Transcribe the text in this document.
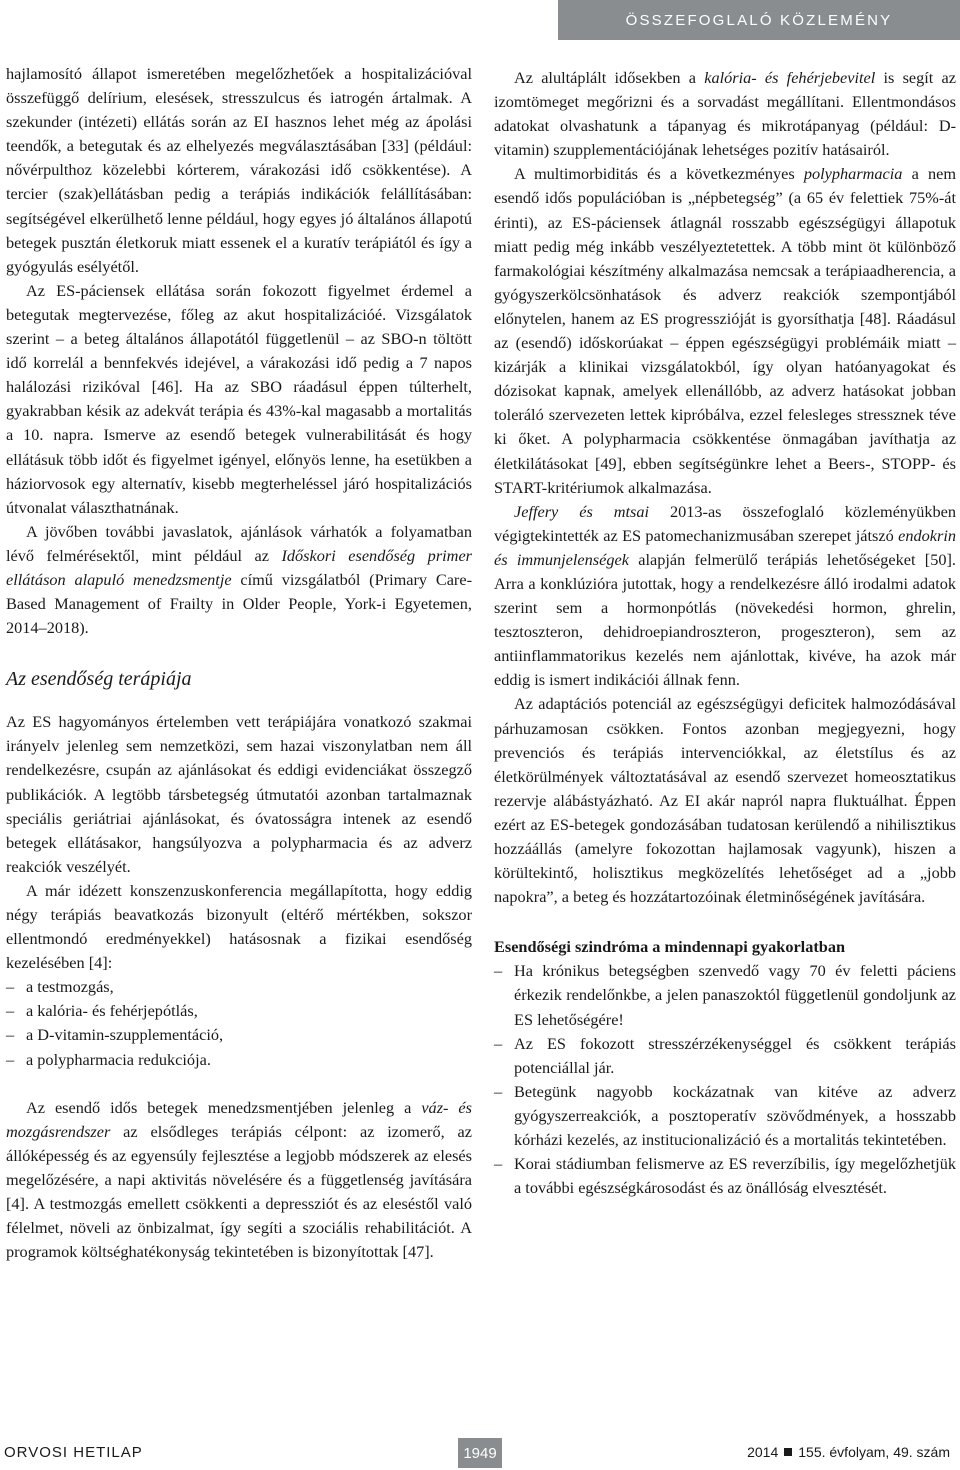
ÖSSZEFOGLALÓ KÖZLEMÉNY

hajlamosító állapot ismeretében megelőzhetőek a hospitalizációval összefüggő delírium, elesések, stresszulcus és iatrogén ártalmak. A szekunder (intézeti) ellátás során az EI hasznos lehet még az ápolási teendők, a betegutak és az elhelyezés megválasztásában [33] (például: nővérpulthoz közelebbi kórterem, várakozási idő csökkentése). A tercier (szak)ellátásban pedig a terápiás indikációk felállításában: segítségével elkerülhető lenne például, hogy egyes jó általános állapotú betegek pusztán életkoruk miatt essenek el a kuratív terápiától és így a gyógyulás esélyétől.

Az ES-páciensek ellátása során fokozott figyelmet érdemel a betegutak megtervezése, főleg az akut hospitalizációé. Vizsgálatok szerint – a beteg általános állapotától függetlenül – az SBO-n töltött idő korrelál a bennfekvés idejével, a várakozási idő pedig a 7 napos halálozási rizikóval [46]. Ha az SBO ráadásul éppen túlterhelt, gyakrabban késik az adekvát terápia és 43%-kal magasabb a mortalitás a 10. napra. Ismerve az esendő betegek vulnerabilitását és hogy ellátásuk több időt és figyelmet igényel, előnyös lenne, ha esetükben a háziorvosok egy alternatív, kisebb megterheléssel járó hospitalizációs útvonalat választhatnának.

A jövőben további javaslatok, ajánlások várhatók a folyamatban lévő felmérésektől, mint például az Időskori esendőség primer ellátáson alapuló menedzsmentje című vizsgálatból (Primary Care-Based Management of Frailty in Older People, York-i Egyetemen, 2014–2018).

Az esendőség terápiája

Az ES hagyományos értelemben vett terápiájára vonatkozó szakmai irányelv jelenleg sem nemzetközi, sem hazai viszonylatban nem áll rendelkezésre, csupán az ajánlásokat és eddigi evidenciákat összegző publikációk. A legtöbb társbetegség útmutatói azonban tartalmaznak speciális geriátriai ajánlásokat, és óvatosságra intenek az esendő betegek ellátásakor, hangsúlyozva a polypharmacia és az adverz reakciók veszélyét.

A már idézett konszenzuskonferencia megállapította, hogy eddig négy terápiás beavatkozás bizonyult (eltérő mértékben, sokszor ellentmondó eredményekkel) hatásosnak a fizikai esendőség kezelésében [4]:

– a testmozgás,
– a kalória- és fehérjepótlás,
– a D-vitamin-szupplementáció,
– a polypharmacia redukciója.

Az esendő idős betegek menedzsmentjében jelenleg a váz- és mozgásrendszer az elsődleges terápiás célpont: az izomerő, az állóképesség és az egyensúly fejlesztése a legjobb módszerek az elesés megelőzésére, a napi aktivitás növelésére és a függetlenség javítására [4]. A testmozgás emellett csökkenti a depressziót és az eleséstől való félelmet, növeli az önbizalmat, így segíti a szociális rehabilitációt. A programok költséghatékonyság tekintetében is bizonyítottak [47].

Az alultáplált idősekben a kalória- és fehérjebevitel is segít az izomtömeget megőrizni és a sorvadást megállítani. Ellentmondásos adatokat olvashatunk a tápanyag és mikrotápanyag (például: D-vitamin) szupplementációjának lehetséges pozitív hatásairól.

A multimorbiditás és a következményes polypharmacia a nem esendő idős populációban is „népbetegség” (a 65 év felettiek 75%-át érinti), az ES-páciensek átlagnál rosszabb egészségügyi állapotuk miatt pedig még inkább veszélyeztetettek. A több mint öt különböző farmakológiai készítmény alkalmazása nemcsak a terápiaadherencia, a gyógyszerkölcsönhatások és adverz reakciók szempontjából előnytelen, hanem az ES progresszióját is gyorsíthatja [48]. Ráadásul az (esendő) időskorúakat – éppen egészségügyi problémáik miatt – kizárják a klinikai vizsgálatokból, így olyan hatóanyagokat és dózisokat kapnak, amelyek ellenállóbb, az adverz hatásokat jobban toleráló szervezeten lettek kipróbálva, ezzel felesleges stressznek téve ki őket. A polypharmacia csökkentése önmagában javíthatja az életkilátásokat [49], ebben segítségünkre lehet a Beers-, STOPP- és START-kritériumok alkalmazása.

Jeffery és mtsai 2013-as összefoglaló közleményükben végigtekintették az ES patomechanizmusában szerepet játszó endokrin és immunjelenségek alapján felmerülő terápiás lehetőségeket [50]. Arra a konklúzióra jutottak, hogy a rendelkezésre álló irodalmi adatok szerint sem a hormonpótlás (növekedési hormon, ghrelin, tesztoszteron, dehidroepiandroszteron, progeszteron), sem az antiinflammatorikus kezelés nem ajánlottak, kivéve, ha azok már eddig is ismert indikációi állnak fenn.

Az adaptációs potenciál az egészségügyi deficitek halmozódásával párhuzamosan csökken. Fontos azonban megjegyezni, hogy prevenciós és terápiás intervenciókkal, az életstílus és az életkörülmények változtatásával az esendő szervezet homeosztatikus rezervje alábástyázható. Az EI akár napról napra fluktuálhat. Éppen ezért az ES-betegek gondozásában tudatosan kerülendő a nihilisztikus hozzáállás (amelyre fokozottan hajlamosak vagyunk), hiszen a körültekintő, holisztikus megközelítés lehetőséget ad a „jobb napokra”, a beteg és hozzátartozóinak életminőségének javítására.

Esendőségi szindróma a mindennapi gyakorlatban
– Ha krónikus betegségben szenvedő vagy 70 év feletti páciens érkezik rendelőnkbe, a jelen panaszoktól függetlenül gondoljunk az ES lehetőségére!
– Az ES fokozott stresszérzékenységgel és csökkent terápiás potenciállal jár.
– Betegünk nagyobb kockázatnak van kitéve az adverz gyógyszerreakciók, a posztoperatív szövődmények, a hosszabb kórházi kezelés, az institucionalizáció és a mortalitás tekintetében.
– Korai stádiumban felismerve az ES reverzíbilis, így megelőzhetjük a további egészségkárosodást és az önállóság elvesztését.
ORVOSI HETILAP	1949	2014 155. évfolyam, 49. szám
